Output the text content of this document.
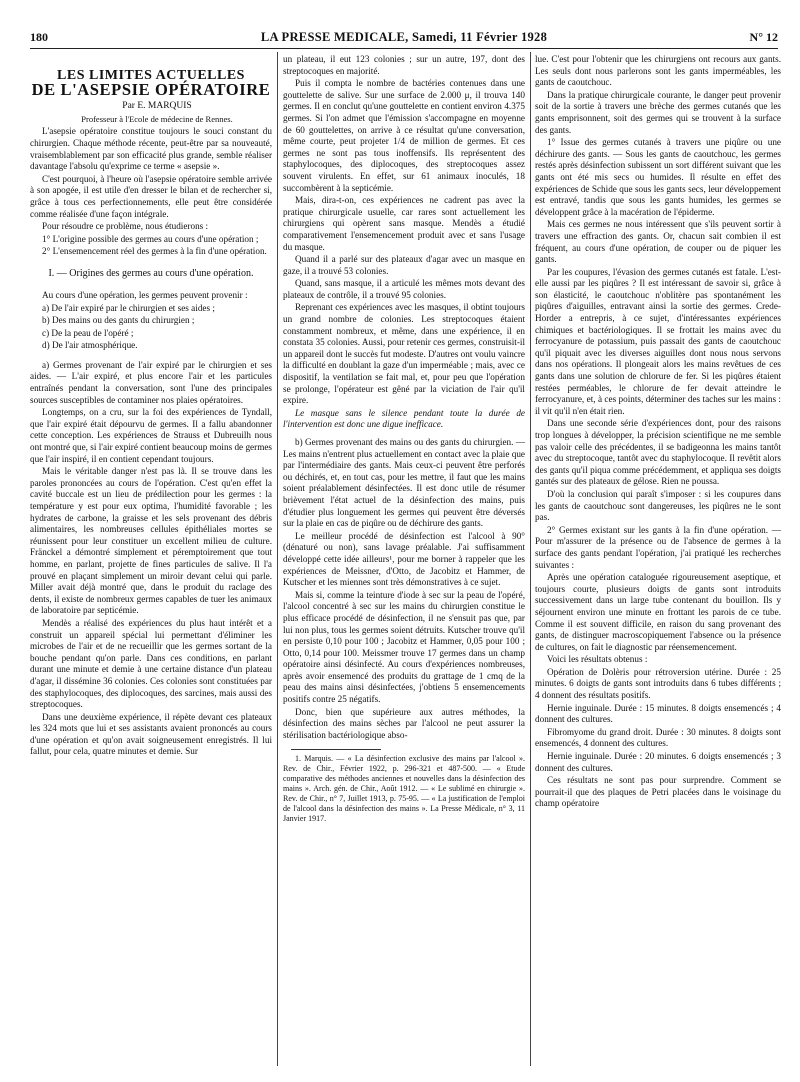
180	LA PRESSE MEDICALE, Samedi, 11 Février 1928	N° 12
LES LIMITES ACTUELLES
DE L'ASEPSIE OPÉRATOIRE

Par E. MARQUIS

Professeur à l'Ecole de médecine de Rennes.

L'asepsie opératoire constitue toujours le souci constant du chirurgien. Chaque méthode récente, peut-être par sa nouveauté, vraisemblablement par son efficacité plus grande, semble réaliser davantage l'absolu qu'exprime ce terme « asepsie ».

C'est pourquoi, à l'heure où l'asepsie opératoire semble arrivée à son apogée, il est utile d'en dresser le bilan et de rechercher si, grâce à tous ces perfectionnements, elle peut être considérée comme réalisée d'une façon intégrale.

Pour résoudre ce problème, nous étudierons :

1° L'origine possible des germes au cours d'une opération ;

2° L'ensemencement réel des germes à la fin d'une opération.

I. — Origines des germes au cours d'une opération.

Au cours d'une opération, les germes peuvent provenir :

a) De l'air expiré par le chirurgien et ses aides ;

b) Des mains ou des gants du chirurgien ;

c) De la peau de l'opéré ;

d) De l'air atmosphérique.

a) Germes provenant de l'air expiré par le chirurgien et ses aides. — L'air expiré, et plus encore l'air et les particules entraînés pendant la conversation, sont l'une des principales sources susceptibles de contaminer nos plaies opératoires.

Longtemps, on a cru, sur la foi des expériences de Tyndall, que l'air expiré était dépourvu de germes. Il a fallu abandonner cette conception. Les expériences de Strauss et Dubreuilh nous ont montré que, si l'air expiré contient beaucoup moins de germes que l'air inspiré, il en contient cependant toujours.

Mais le véritable danger n'est pas là. Il se trouve dans les paroles prononcées au cours de l'opération. C'est qu'en effet la cavité buccale est un lieu de prédilection pour les germes : la température y est pour eux optima, l'humidité favorable ; les hydrates de carbone, la graisse et les sels provenant des débris alimentaires, les nombreuses cellules épithéliales mortes se réunissent pour leur constituer un excellent milieu de culture. Fränckel a démontré simplement et péremptoirement que tout homme, en parlant, projette de fines particules de salive. Il l'a prouvé en plaçant simplement un miroir devant celui qui parle. Miller avait déjà montré que, dans le produit du raclage des dents, il existe de nombreux germes capables de tuer les animaux de laboratoire par septicémie.

Mendès a réalisé des expériences du plus haut intérêt et a construit un appareil spécial lui permettant d'éliminer les microbes de l'air et de ne recueillir que les germes sortant de la bouche pendant qu'on parle. Dans ces conditions, en parlant durant une minute et demie à une certaine distance d'un plateau d'agar, il dissémine 36 colonies. Ces colonies sont constituées par des staphylocoques, des diplocoques, des sarcines, mais aussi des streptocoques.

Dans une deuxième expérience, il répète devant ces plateaux les 324 mots que lui et ses assistants avaient prononcés au cours d'une opération et qu'on avait soigneusement enregistrés. Il lui fallut, pour cela, quatre minutes et demie. Sur

un plateau, il eut 123 colonies ; sur un autre, 197, dont des streptocoques en majorité.

Puis il compta le nombre de bactéries contenues dans une gouttelette de salive. Sur une surface de 2.000 μ, il trouva 140 germes. Il en conclut qu'une gouttelette en contient environ 4.375 germes. Si l'on admet que l'émission s'accompagne en moyenne de 60 gouttelettes, on arrive à ce résultat qu'une conversation, même courte, peut projeter 1/4 de million de germes. Et ces germes ne sont pas tous inoffensifs. Ils représentent des staphylocoques, des diplocoques, des streptocoques assez souvent virulents. En effet, sur 61 animaux inoculés, 18 succombèrent à la septicémie.

Mais, dira-t-on, ces expériences ne cadrent pas avec la pratique chirurgicale usuelle, car rares sont actuellement les chirurgiens qui opèrent sans masque. Mendès a étudié comparativement l'ensemencement produit avec et sans l'usage du masque.

Quand il a parlé sur des plateaux d'agar avec un masque en gaze, il a trouvé 53 colonies.

Quand, sans masque, il a articulé les mêmes mots devant des plateaux de contrôle, il a trouvé 95 colonies.

Reprenant ces expériences avec les masques, il obtint toujours un grand nombre de colonies. Les streptocoques étaient constamment nombreux, et même, dans une expérience, il en constata 35 colonies. Aussi, pour retenir ces germes, construisit-il un appareil dont le succès fut modeste. D'autres ont voulu vaincre la difficulté en doublant la gaze d'un imperméable ; mais, avec ce dispositif, la ventilation se fait mal, et, pour peu que l'opération se prolonge, l'opérateur est gêné par la viciation de l'air qu'il expire.

Le masque sans le silence pendant toute la durée de l'intervention est donc une digue inefficace.

b) Germes provenant des mains ou des gants du chirurgien. — Les mains n'entrent plus actuellement en contact avec la plaie que par l'intermédiaire des gants. Mais ceux-ci peuvent être perforés ou déchirés, et, en tout cas, pour les mettre, il faut que les mains soient préalablement désinfectées. Il est donc utile de résumer brièvement l'état actuel de la désinfection des mains, puis d'étudier plus longuement les germes qui peuvent être déversés sur la plaie en cas de piqûre ou de déchirure des gants.

Le meilleur procédé de désinfection est l'alcool à 90° (dénaturé ou non), sans lavage préalable. J'ai suffisamment développé cette idée ailleurs¹, pour me borner à rappeler que les expériences de Meissner, d'Otto, de Jacobitz et Hammer, de Kutscher et les miennes sont très démonstratives à ce sujet.

Mais si, comme la teinture d'iode à sec sur la peau de l'opéré, l'alcool concentré à sec sur les mains du chirurgien constitue le plus efficace procédé de désinfection, il ne s'ensuit pas que, par lui non plus, tous les germes soient détruits. Kutscher trouve qu'il en persiste 0,10 pour 100 ; Jacobitz et Hammer, 0,05 pour 100 ; Otto, 0,14 pour 100. Meissmer trouve 17 germes dans un champ opératoire ainsi désinfecté. Au cours d'expériences nombreuses, après avoir ensemencé des produits du grattage de 1 cmq de la peau des mains ainsi désinfectées, j'obtiens 5 ensemencements positifs contre 25 négatifs.

Donc, bien que supérieure aux autres méthodes, la désinfection des mains sèches par l'alcool ne peut assurer la stérilisation bactériologique abso-

1. Marquis. — « La désinfection exclusive des mains par l'alcool ». Rev. de Chir., Février 1922, p. 296-321 et 487-500. — « Etude comparative des méthodes anciennes et nouvelles dans la désinfection des mains ». Arch. gén. de Chir., Août 1912. — « Le sublimé en chirurgie ». Rev. de Chir., n° 7, Juillet 1913, p. 75-95. — « La justification de l'emploi de l'alcool dans la désinfection des mains ». La Presse Médicale, n° 3, 11 Janvier 1917.

lue. C'est pour l'obtenir que les chirurgiens ont recours aux gants. Les seuls dont nous parlerons sont les gants imperméables, les gants de caoutchouc.

Dans la pratique chirurgicale courante, le danger peut provenir soit de la sortie à travers une brèche des germes cutanés que les gants emprisonnent, soit des germes qui se trouvent à la surface des gants.

1° Issue des germes cutanés à travers une piqûre ou une déchirure des gants. — Sous les gants de caoutchouc, les germes restés après désinfection subissent un sort différent suivant que les gants ont été mis secs ou humides. Il résulte en effet des expériences de Schide que sous les gants secs, leur développement est entravé, tandis que sous les gants humides, les germes se développent grâce à la macération de l'épiderme.

Mais ces germes ne nous intéressent que s'ils peuvent sortir à travers une effraction des gants. Or, chacun sait combien il est fréquent, au cours d'une opération, de couper ou de piquer les gants.

Par les coupures, l'évasion des germes cutanés est fatale. L'est-elle aussi par les piqûres ? Il est intéressant de savoir si, grâce à son élasticité, le caoutchouc n'oblitère pas spontanément les piqûres d'aiguilles, entravant ainsi la sortie des germes. Crede-Horder a entrepris, à ce sujet, d'intéressantes expériences chimiques et bactériologiques. Il se frottait les mains avec du ferrocyanure de potassium, puis passait des gants de caoutchouc qu'il piquait avec les diverses aiguilles dont nous nous servons dans nos opérations. Il plongeait alors les mains revêtues de ces gants dans une solution de chlorure de fer. Si les piqûres étaient restées perméables, le chlorure de fer devait atteindre le ferrocyanure, et, à ces points, déterminer des taches sur les mains : il vit qu'il n'en était rien.

Dans une seconde série d'expériences dont, pour des raisons trop longues à développer, la précision scientifique ne me semble pas valoir celle des précédentes, il se badigeonna les mains tantôt avec du streptocoque, tantôt avec du staphylocoque. Il revêtit alors des gants qu'il piqua comme précédemment, et appliqua ses doigts gantés sur des plateaux de gélose. Rien ne poussa.

D'où la conclusion qui paraît s'imposer : si les coupures dans les gants de caoutchouc sont dangereuses, les piqûres ne le sont pas.

2° Germes existant sur les gants à la fin d'une opération. — Pour m'assurer de la présence ou de l'absence de germes à la surface des gants pendant l'opération, j'ai pratiqué les recherches suivantes :

Après une opération cataloguée rigoureusement aseptique, et toujours courte, plusieurs doigts de gants sont introduits successivement dans un large tube contenant du bouillon. Ils y séjournent environ une minute en frottant les parois de ce tube. Comme il est souvent difficile, en raison du sang provenant des gants, de distinguer macroscopiquement l'absence ou la présence de cultures, on fait le diagnostic par réensemencement.

Voici les résultats obtenus :

Opération de Dolèris pour rétroversion utérine. Durée : 25 minutes. 6 doigts de gants sont introduits dans 6 tubes différents ; 4 donnent des résultats positifs.

Hernie inguinale. Durée : 15 minutes. 8 doigts ensemencés ; 4 donnent des cultures.

Fibromyome du grand droit. Durée : 30 minutes. 8 doigts sont ensemencés, 4 donnent des cultures.

Hernie inguinale. Durée : 20 minutes. 6 doigts ensemencés ; 3 donnent des cultures.

Ces résultats ne sont pas pour surprendre. Comment se pourrait-il que des plaques de Petri placées dans le voisinage du champ opératoire
